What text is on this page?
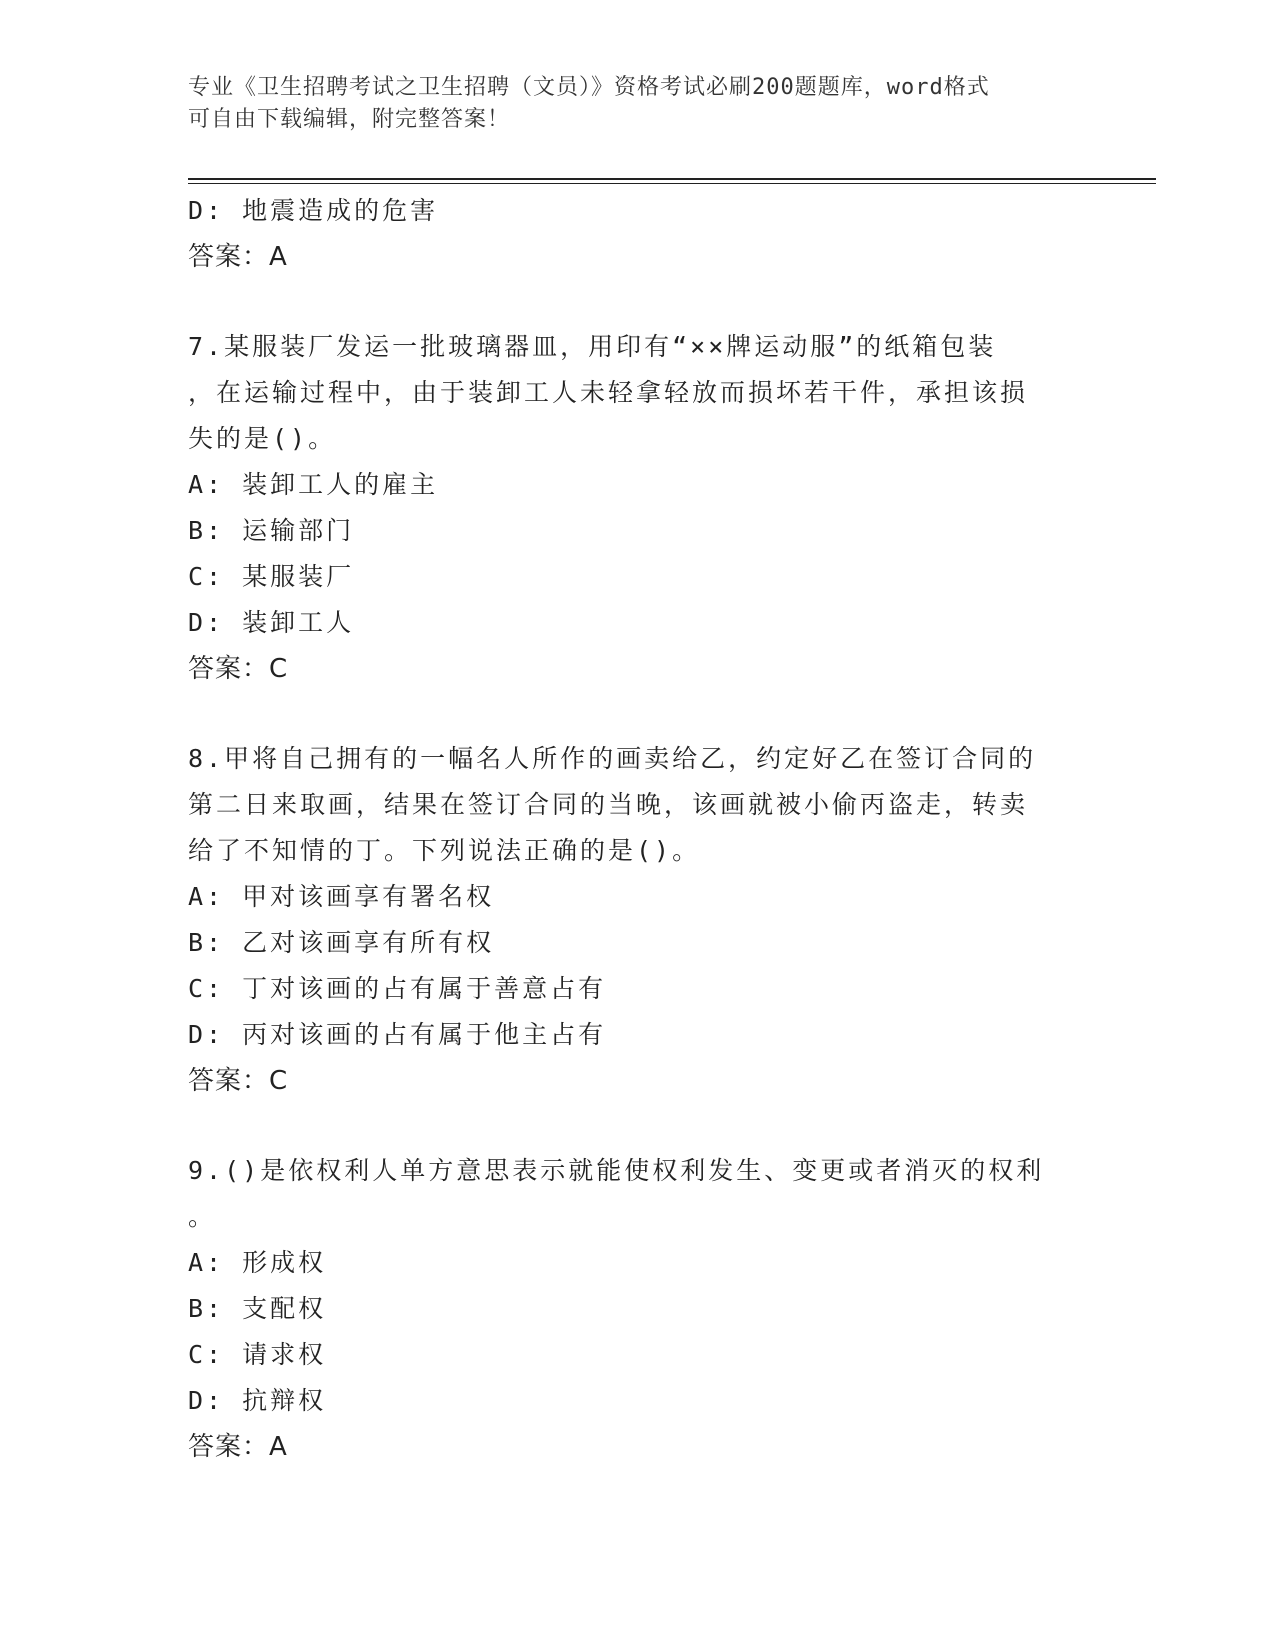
专业《卫生招聘考试之卫生招聘（文员）》资格考试必刷200题题库，word格式
可自由下载编辑，附完整答案！
D: 地震造成的危害
答案：A
7.某服装厂发运一批玻璃器皿，用印有“××牌运动服”的纸箱包装
，在运输过程中，由于装卸工人未轻拿轻放而损坏若干件，承担该损
失的是()。
A: 装卸工人的雇主
B: 运输部门
C: 某服装厂
D: 装卸工人
答案：C
8.甲将自己拥有的一幅名人所作的画卖给乙，约定好乙在签订合同的
第二日来取画，结果在签订合同的当晚，该画就被小偷丙盗走，转卖
给了不知情的丁。下列说法正确的是()。
A: 甲对该画享有署名权
B: 乙对该画享有所有权
C: 丁对该画的占有属于善意占有
D: 丙对该画的占有属于他主占有
答案：C
9.()是依权利人单方意思表示就能使权利发生、变更或者消灭的权利
。
A: 形成权
B: 支配权
C: 请求权
D: 抗辩权
答案：A
